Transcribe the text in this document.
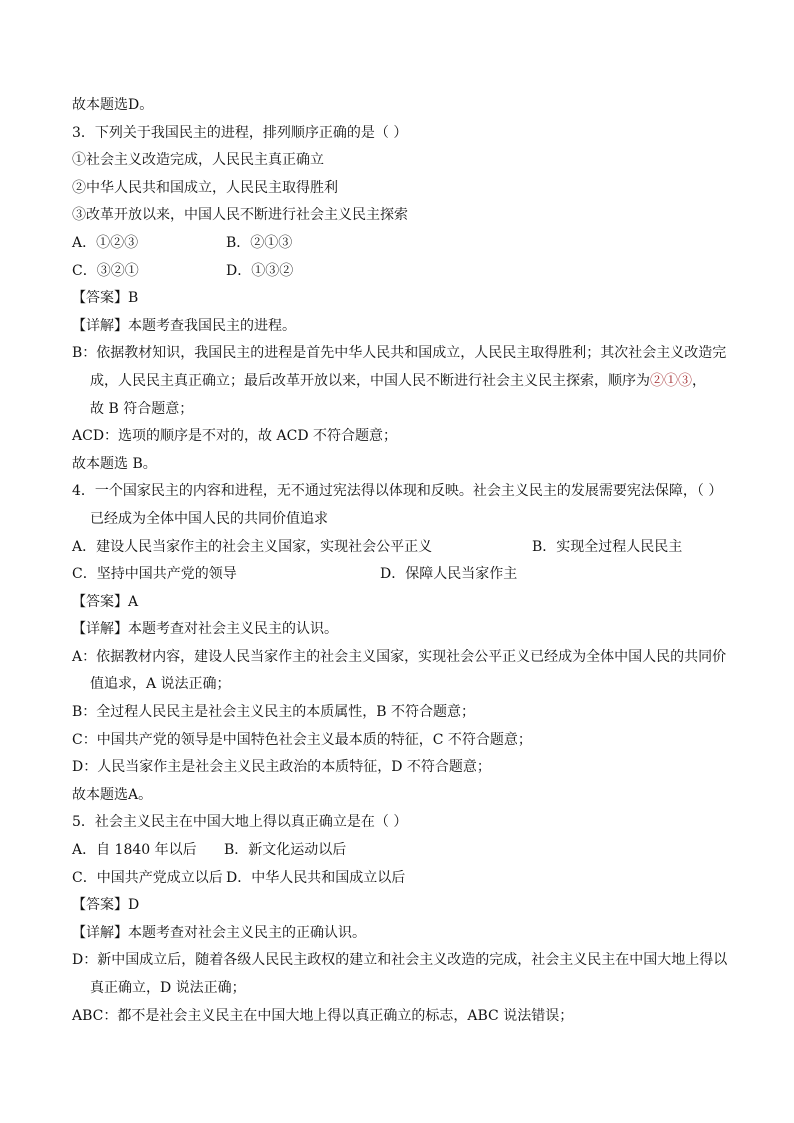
故本题选D。
3．下列关于我国民主的进程，排列顺序正确的是（ ）
①社会主义改造完成，人民民主真正确立
②中华人民共和国成立，人民民主取得胜利
③改革开放以来，中国人民不断进行社会主义民主探索
A．①②③	B．②①③
C．③②①	D．①③②
【答案】B
【详解】本题考查我国民主的进程。
B：依据教材知识，我国民主的进程是首先中华人民共和国成立，人民民主取得胜利；其次社会主义改造完
成，人民民主真正确立；最后改革开放以来，中国人民不断进行社会主义民主探索，顺序为②①③，
故 B 符合题意；
ACD：选项的顺序是不对的，故 ACD 不符合题意；
故本题选 B。
4．一个国家民主的内容和进程，无不通过宪法得以体现和反映。社会主义民主的发展需要宪法保障，（ ）
已经成为全体中国人民的共同价值追求
A．建设人民当家作主的社会主义国家，实现社会公平正义	B．实现全过程人民民主
C．坚持中国共产党的领导	D．保障人民当家作主
【答案】A
【详解】本题考查对社会主义民主的认识。
A：依据教材内容，建设人民当家作主的社会主义国家，实现社会公平正义已经成为全体中国人民的共同价
值追求，A 说法正确；
B：全过程人民民主是社会主义民主的本质属性，B 不符合题意；
C：中国共产党的领导是中国特色社会主义最本质的特征，C 不符合题意；
D：人民当家作主是社会主义民主政治的本质特征，D 不符合题意；
故本题选A。
5．社会主义民主在中国大地上得以真正确立是在（ ）
A．自 1840 年以后	B．新文化运动以后
C．中国共产党成立以后 D．中华人民共和国成立以后
【答案】D
【详解】本题考查对社会主义民主的正确认识。
D：新中国成立后，随着各级人民民主政权的建立和社会主义改造的完成，社会主义民主在中国大地上得以
真正确立，D 说法正确；
ABC：都不是社会主义民主在中国大地上得以真正确立的标志，ABC 说法错误；
